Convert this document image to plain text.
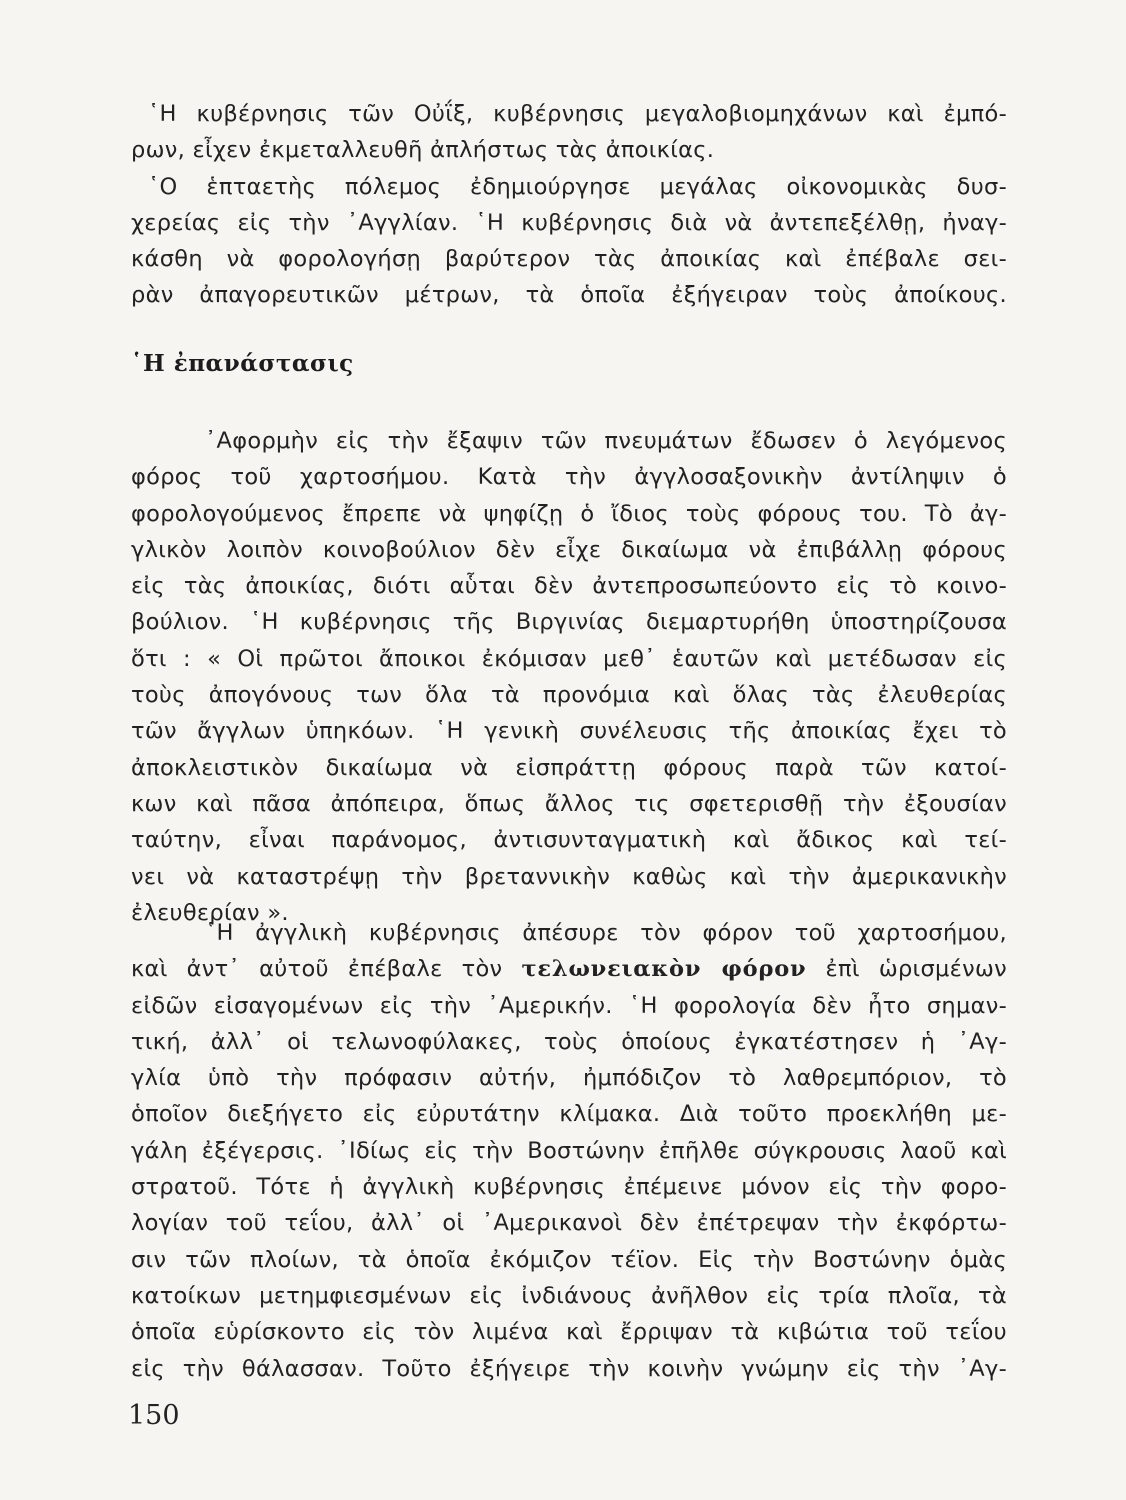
῾Η κυβέρνησις τῶν Οὐΐξ, κυβέρνησις μεγαλοβιομηχάνων καὶ ἐμπό-
ρων, εἶχεν ἐκμεταλλευθῆ ἀπλήστως τὰς ἀποικίας.
῾Ο ἑπταετὴς πόλεμος ἐδημιούργησε μεγάλας οἰκονομικὰς δυσ-
χερείας εἰς τὴν ᾿Αγγλίαν. ῾Η κυβέρνησις διὰ νὰ ἀντεπεξέλθῃ, ἠναγ-
κάσθη νὰ φορολογήσῃ βαρύτερον τὰς ἀποικίας καὶ ἐπέβαλε σει-
ρὰν ἀπαγορευτικῶν μέτρων, τὰ ὁποῖα ἐξήγειραν τοὺς ἀποίκους.
῾Η ἐπανάστασις
᾿Αφορμὴν εἰς τὴν ἔξαψιν τῶν πνευμάτων ἔδωσεν ὁ λεγόμενος
φόρος τοῦ χαρτοσήμου. Κατὰ τὴν ἀγγλοσαξονικὴν ἀντίληψιν ὁ
φορολογούμενος ἔπρεπε νὰ ψηφίζῃ ὁ ἴδιος τοὺς φόρους του. Τὸ ἀγ-
γλικὸν λοιπὸν κοινοβούλιον δὲν εἶχε δικαίωμα νὰ ἐπιβάλλῃ φόρους
εἰς τὰς ἀποικίας, διότι αὗται δὲν ἀντεπροσωπεύοντο εἰς τὸ κοινο-
βούλιον. ῾Η κυβέρνησις τῆς Βιργινίας διεμαρτυρήθη ὑποστηρίζουσα
ὅτι : « Οἱ πρῶτοι ἄποικοι ἐκόμισαν μεθ᾿ ἑαυτῶν καὶ μετέδωσαν εἰς
τοὺς ἀπογόνους των ὅλα τὰ προνόμια καὶ ὅλας τὰς ἐλευθερίας
τῶν ἄγγλων ὑπηκόων. ῾Η γενικὴ συνέλευσις τῆς ἀποικίας ἔχει τὸ
ἀποκλειστικὸν δικαίωμα νὰ εἰσπράττῃ φόρους παρὰ τῶν κατοί-
κων καὶ πᾶσα ἀπόπειρα, ὅπως ἄλλος τις σφετερισθῇ τὴν ἐξουσίαν
ταύτην, εἶναι παράνομος, ἀντισυνταγματικὴ καὶ ἄδικος καὶ τεί-
νει νὰ καταστρέψῃ τὴν βρεταννικὴν καθὼς καὶ τὴν ἀμερικανικὴν
ἐλευθερίαν ».
῾Η ἀγγλικὴ κυβέρνησις ἀπέσυρε τὸν φόρον τοῦ χαρτοσήμου,
καὶ ἀντ᾿ αὐτοῦ ἐπέβαλε τὸν τελωνειακὸν φόρον ἐπὶ ὡρισμένων
εἰδῶν εἰσαγομένων εἰς τὴν ᾿Αμερικήν. ῾Η φορολογία δὲν ἦτο σημαν-
τική, ἀλλ᾿ οἱ τελωνοφύλακες, τοὺς ὁποίους ἐγκατέστησεν ἡ ᾿Αγ-
γλία ὑπὸ τὴν πρόφασιν αὐτήν, ἠμπόδιζον τὸ λαθρεμπόριον, τὸ
ὁποῖον διεξήγετο εἰς εὐρυτάτην κλίμακα. Διὰ τοῦτο προεκλήθη με-
γάλη ἐξέγερσις. ᾿Ιδίως εἰς τὴν Βοστώνην ἐπῆλθε σύγκρουσις λαοῦ καὶ
στρατοῦ. Τότε ἡ ἀγγλικὴ κυβέρνησις ἐπέμεινε μόνον εἰς τὴν φορο-
λογίαν τοῦ τεΐου, ἀλλ᾿ οἱ ᾿Αμερικανοὶ δὲν ἐπέτρεψαν τὴν ἐκφόρτω-
σιν τῶν πλοίων, τὰ ὁποῖα ἐκόμιζον τέϊον. Εἰς τὴν Βοστώνην ὁμὰς
κατοίκων μετημφιεσμένων εἰς ἰνδιάνους ἀνῆλθον εἰς τρία πλοῖα, τὰ
ὁποῖα εὑρίσκοντο εἰς τὸν λιμένα καὶ ἔρριψαν τὰ κιβώτια τοῦ τεΐου
εἰς τὴν θάλασσαν. Τοῦτο ἐξήγειρε τὴν κοινὴν γνώμην εἰς τὴν ᾿Αγ-
150
